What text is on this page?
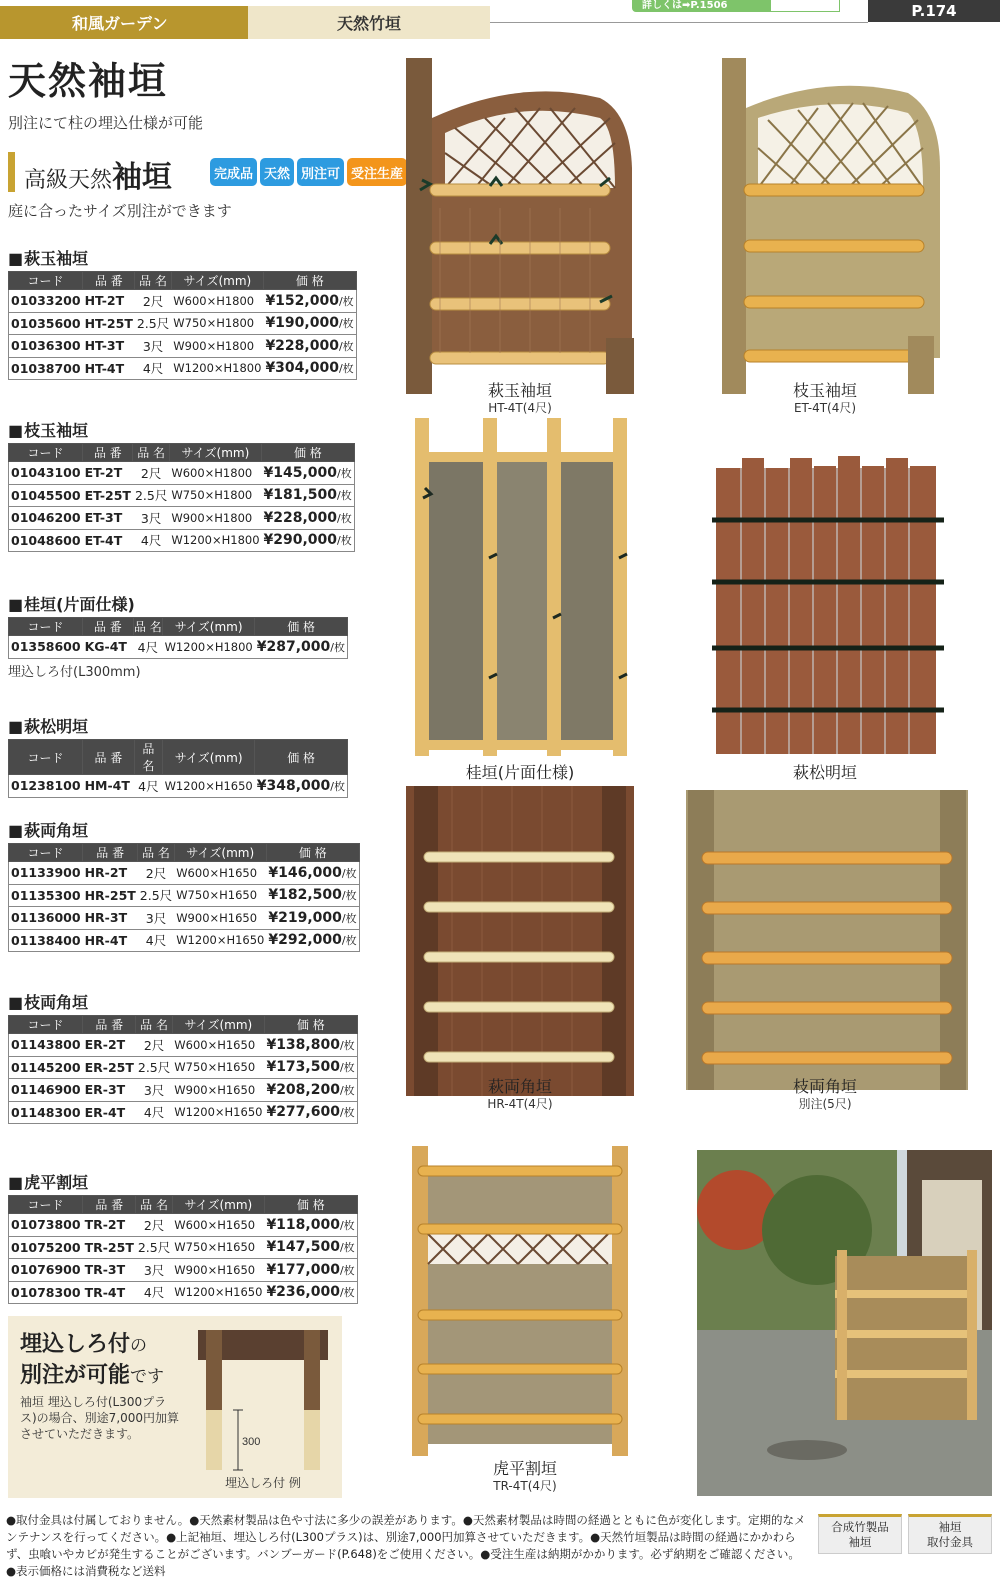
和風ガーデン	天然竹垣
詳しくは➡P.1506	P.174
天然袖垣
別注にて柱の埋込仕様が可能
高級天然袖垣	完成品 天然 別注可 受注生産
庭に合ったサイズ別注ができます
■ 萩玉袖垣
コード	品 番	品 名	サイズ(mm)	価 格
01033200	HT-2T	2尺	W600×H1800	¥152,000/枚
01035600	HT-25T	2.5尺	W750×H1800	¥190,000/枚
01036300	HT-3T	3尺	W900×H1800	¥228,000/枚
01038700	HT-4T	4尺	W1200×H1800	¥304,000/枚
■ 枝玉袖垣
コード	品 番	品 名	サイズ(mm)	価 格
01043100	ET-2T	2尺	W600×H1800	¥145,000/枚
01045500	ET-25T	2.5尺	W750×H1800	¥181,500/枚
01046200	ET-3T	3尺	W900×H1800	¥228,000/枚
01048600	ET-4T	4尺	W1200×H1800	¥290,000/枚
■ 桂垣(片面仕様)
コード	品 番	品 名	サイズ(mm)	価 格
01358600	KG-4T	4尺	W1200×H1800	¥287,000/枚
埋込しろ付(L300mm)
■ 萩松明垣
コード	品 番	品 名	サイズ(mm)	価 格
01238100	HM-4T	4尺	W1200×H1650	¥348,000/枚
■ 萩両角垣
コード	品 番	品 名	サイズ(mm)	価 格
01133900	HR-2T	2尺	W600×H1650	¥146,000/枚
01135300	HR-25T	2.5尺	W750×H1650	¥182,500/枚
01136000	HR-3T	3尺	W900×H1650	¥219,000/枚
01138400	HR-4T	4尺	W1200×H1650	¥292,000/枚
■ 枝両角垣
コード	品 番	品 名	サイズ(mm)	価 格
01143800	ER-2T	2尺	W600×H1650	¥138,800/枚
01145200	ER-25T	2.5尺	W750×H1650	¥173,500/枚
01146900	ER-3T	3尺	W900×H1650	¥208,200/枚
01148300	ER-4T	4尺	W1200×H1650	¥277,600/枚
■ 虎平割垣
コード	品 番	品 名	サイズ(mm)	価 格
01073800	TR-2T	2尺	W600×H1650	¥118,000/枚
01075200	TR-25T	2.5尺	W750×H1650	¥147,500/枚
01076900	TR-3T	3尺	W900×H1650	¥177,000/枚
01078300	TR-4T	4尺	W1200×H1650	¥236,000/枚
萩玉袖垣
HT-4T(4尺)
枝玉袖垣
ET-4T(4尺)
桂垣(片面仕様)	萩松明垣
萩両角垣
HR-4T(4尺)
枝両角垣
別注(5尺)
虎平割垣
TR-4T(4尺)
埋込しろ付の
別注が可能です
袖垣 埋込しろ付(L300プラス)の場合、別途7,000円加算させていただきます。
300
埋込しろ付 例
●取付金具は付属しておりません。●天然素材製品は色や寸法に多少の誤差があります。●天然素材製品は時間の経過とともに色が変化します。定期的なメンテナンスを行ってください。●上記袖垣、埋込しろ付(L300プラス)は、別途7,000円加算させていただきます。●天然竹垣製品は時間の経過にかかわらず、虫喰いやカビが発生することがございます。バンブーガード(P.648)をご使用ください。●受注生産は納期がかかります。必ず納期をご確認ください。●表示価格には消費税など送料
合成竹製品
袖垣
袖垣
取付金具
